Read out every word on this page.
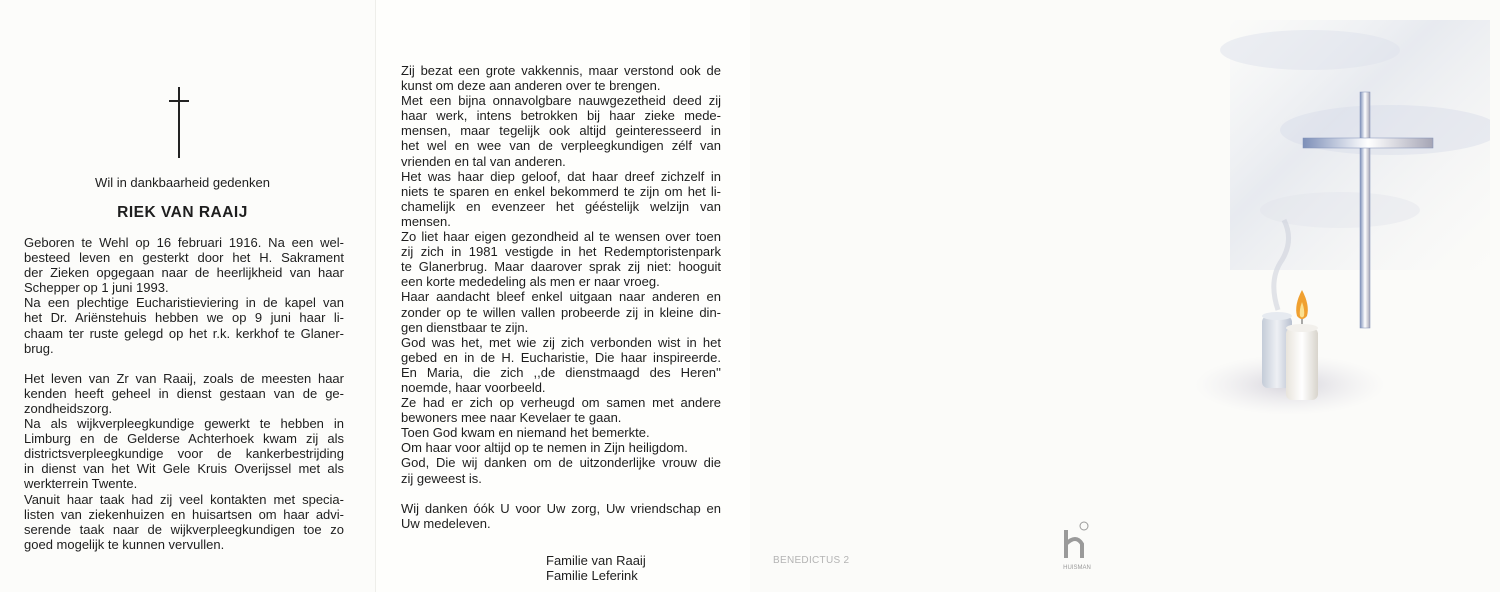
Wil in dankbaarheid gedenken
RIEK VAN RAAIJ

Geboren te Wehl op 16 februari 1916. Na een wel-
besteed leven en gesterkt door het H. Sakrament
der Zieken opgegaan naar de heerlijkheid van haar
Schepper op 1 juni 1993.

Na een plechtige Eucharistieviering in de kapel van
het Dr. Ariënstehuis hebben we op 9 juni haar li-
chaam ter ruste gelegd op het r.k. kerkhof te Glaner-
brug.

Het leven van Zr van Raaij, zoals de meesten haar
kenden heeft geheel in dienst gestaan van de ge-
zondheidszorg.

Na als wijkverpleegkundige gewerkt te hebben in
Limburg en de Gelderse Achterhoek kwam zij als
districtsverpleegkundige voor de kankerbestrijding
in dienst van het Wit Gele Kruis Overijssel met als
werkterrein Twente.

Vanuit haar taak had zij veel kontakten met specia-
listen van ziekenhuizen en huisartsen om haar advi-
serende taak naar de wijkverpleegkundigen toe zo
goed mogelijk te kunnen vervullen.

Zij bezat een grote vakkennis, maar verstond ook de
kunst om deze aan anderen over te brengen.

Met een bijna onnavolgbare nauwgezetheid deed zij
haar werk, intens betrokken bij haar zieke mede-
mensen, maar tegelijk ook altijd geinteresseerd in
het wel en wee van de verpleegkundigen zélf van
vrienden en tal van anderen.

Het was haar diep geloof, dat haar dreef zichzelf in
niets te sparen en enkel bekommerd te zijn om het li-
chamelijk en evenzeer het gééstelijk welzijn van
mensen.

Zo liet haar eigen gezondheid al te wensen over toen
zij zich in 1981 vestigde in het Redemptoristenpark
te Glanerbrug. Maar daarover sprak zij niet: hooguit
een korte mededeling als men er naar vroeg.

Haar aandacht bleef enkel uitgaan naar anderen en
zonder op te willen vallen probeerde zij in kleine din-
gen dienstbaar te zijn.

God was het, met wie zij zich verbonden wist in het
gebed en in de H. Eucharistie, Die haar inspireerde.
En Maria, die zich ,,de dienstmaagd des Heren''
noemde, haar voorbeeld.

Ze had er zich op verheugd om samen met andere
bewoners mee naar Kevelaer te gaan.

Toen God kwam en niemand het bemerkte.

Om haar voor altijd op te nemen in Zijn heiligdom.

God, Die wij danken om de uitzonderlijke vrouw die
zij geweest is.

Wij danken óók U voor Uw zorg, Uw vriendschap en
Uw medeleven.

Familie van Raaij
Familie Leferink
BENEDICTUS 2
HUISMAN
